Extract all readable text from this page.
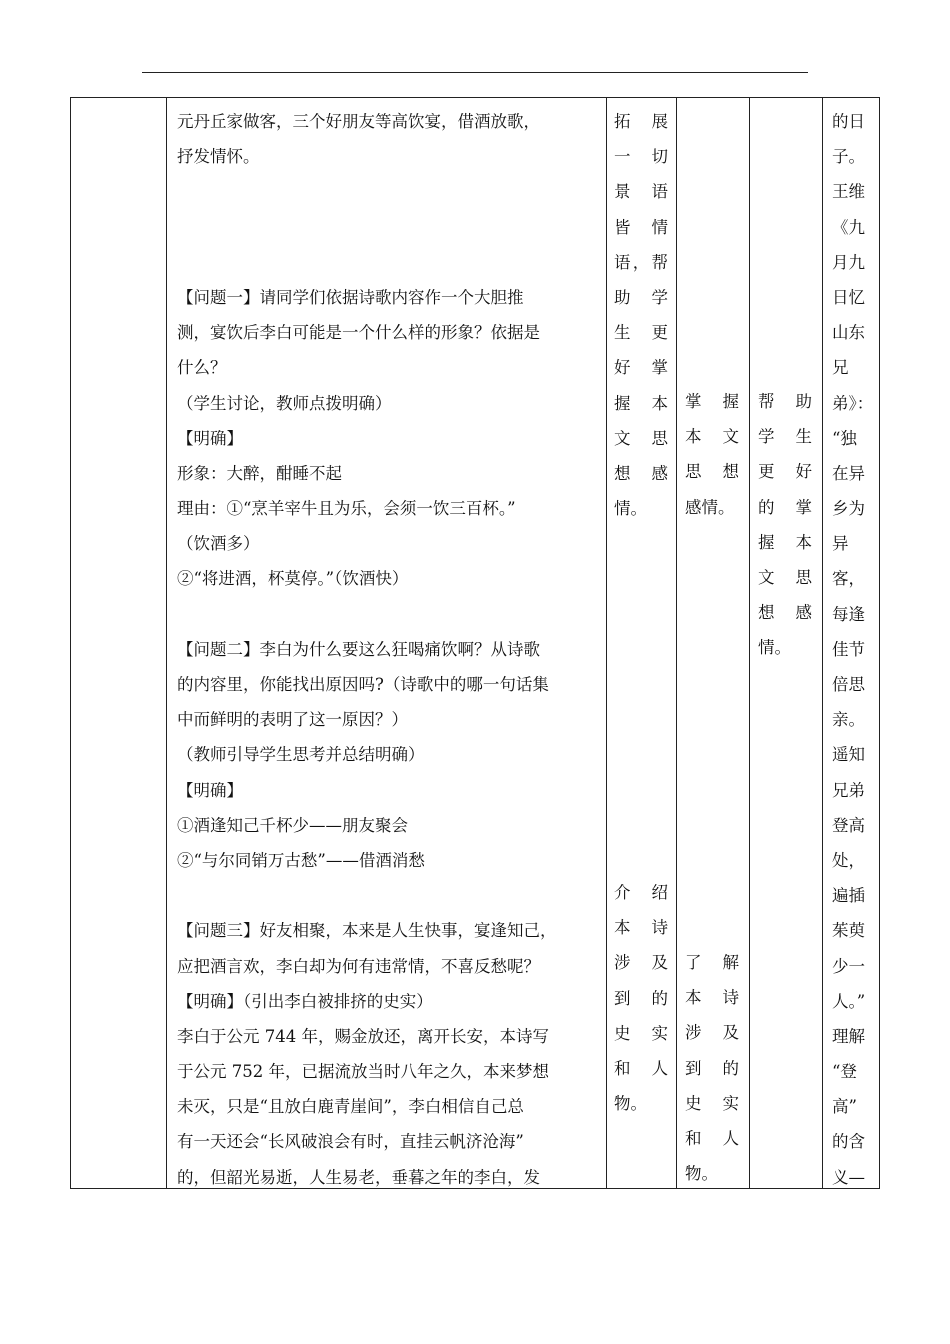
元丹丘家做客，三个好朋友等高饮宴，借酒放歌，
抒发情怀。
【问题一】请同学们依据诗歌内容作一个大胆推
测，宴饮后李白可能是一个什么样的形象？依据是
什么？
（学生讨论，教师点拨明确）
【明确】
形象：大醉，酣睡不起
理由：①“烹羊宰牛且为乐，会须一饮三百杯。”
（饮酒多）
②“将进酒，杯莫停。”（饮酒快）
【问题二】李白为什么要这么狂喝痛饮啊？从诗歌
的内容里，你能找出原因吗?（诗歌中的哪一句话集
中而鲜明的表明了这一原因？）
（教师引导学生思考并总结明确）
【明确】
①酒逢知己千杯少——朋友聚会
②“与尔同销万古愁”——借酒消愁
【问题三】好友相聚，本来是人生快事，宴逢知己，
应把酒言欢，李白却为何有违常情，不喜反愁呢？
【明确】（引出李白被排挤的史实）
李白于公元 744 年，赐金放还，离开长安，本诗写
于公元 752 年，已据流放当时八年之久，本来梦想
未灭，只是“且放白鹿青崖间”，李白相信自己总
有一天还会“长风破浪会有时，直挂云帆济沧海”
的，但韶光易逝，人生易老，垂暮之年的李白，发
拓　展
一　切
景　语
皆　情
语，帮
助　学
生　更
好　掌
握　本
文　思
想　感
情。
介　绍
本　诗
涉　及
到　的
史　实
和　人
物。
掌　握
本　文
思　想
感情。
了　解
本　诗
涉　及
到　的
史　实
和　人
物。
帮　助
学　生
更　好
的　掌
握　本
文　思
想　感
情。
的日
子。
王维
《九
月九
日忆
山东
兄
弟》：
“独
在异
乡为
异
客，
每逢
佳节
倍思
亲。
遥知
兄弟
登高
处，
遍插
茱萸
少一
人。”
理解
“登
高”
的含
义—
